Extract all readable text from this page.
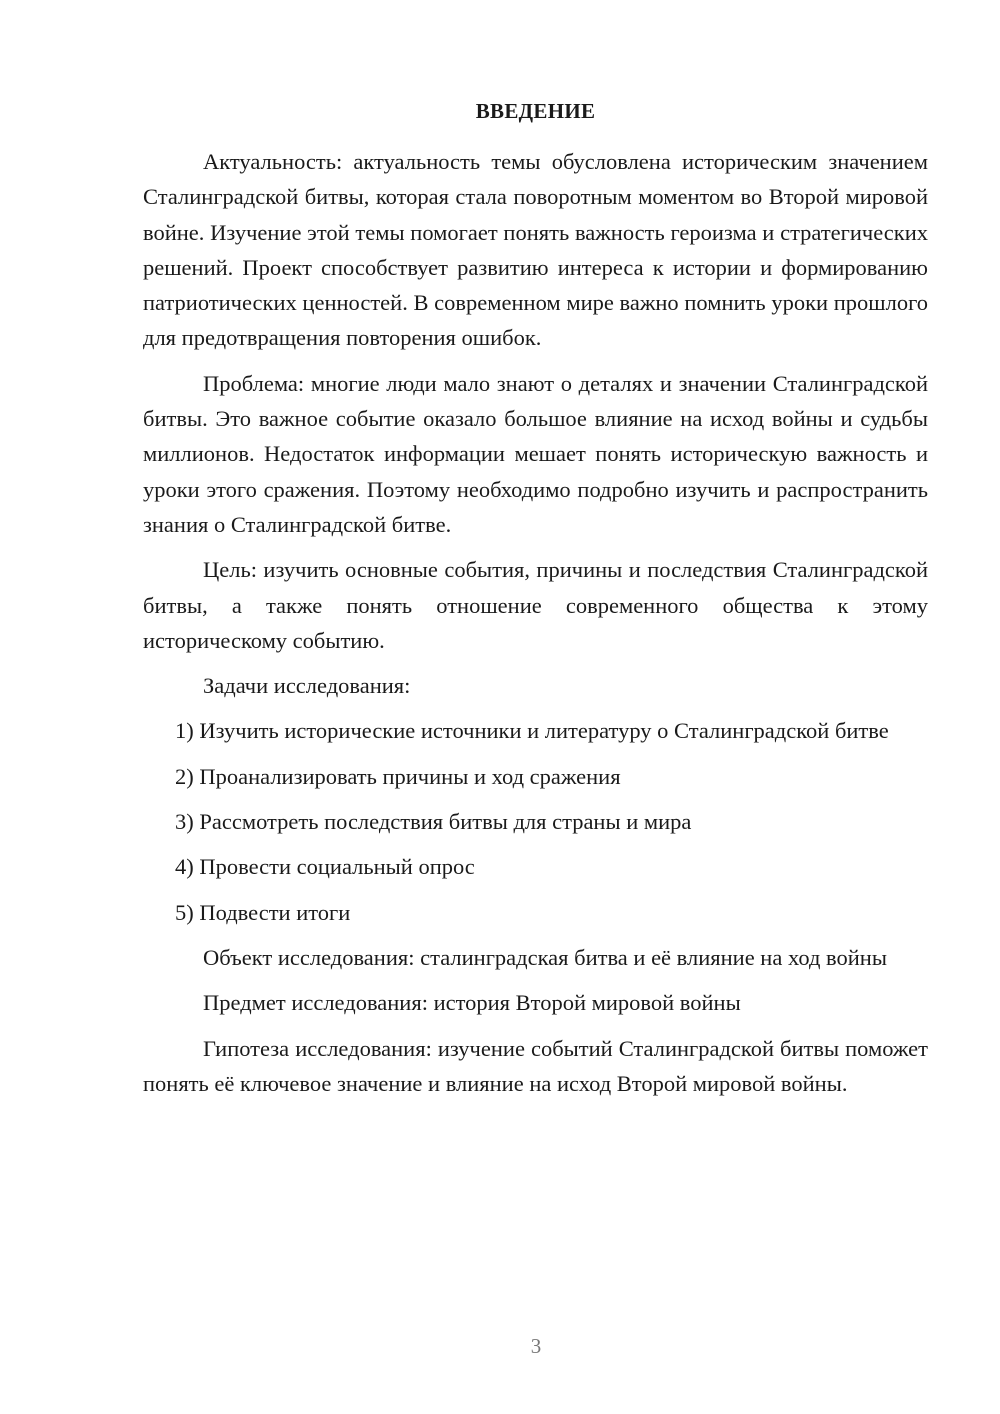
ВВЕДЕНИЕ

Актуальность: актуальность темы обусловлена историческим значением Сталинградской битвы, которая стала поворотным моментом во Второй мировой войне. Изучение этой темы помогает понять важность героизма и стратегических решений. Проект способствует развитию интереса к истории и формированию патриотических ценностей. В современном мире важно помнить уроки прошлого для предотвращения повторения ошибок.

Проблема: многие люди мало знают о деталях и значении Сталинградской битвы. Это важное событие оказало большое влияние на исход войны и судьбы миллионов. Недостаток информации мешает понять историческую важность и уроки этого сражения. Поэтому необходимо подробно изучить и распространить знания о Сталинградской битве.

Цель: изучить основные события, причины и последствия Сталинградской битвы, а также понять отношение современного общества к этому историческому событию.

Задачи исследования:

1) Изучить исторические источники и литературу о Сталинградской битве

2) Проанализировать причины и ход сражения

3) Рассмотреть последствия битвы для страны и мира

4) Провести социальный опрос

5) Подвести итоги

Объект исследования: сталинградская битва и её влияние на ход войны

Предмет исследования: история Второй мировой войны

Гипотеза исследования: изучение событий Сталинградской битвы поможет понять её ключевое значение и влияние на исход Второй мировой войны.

3
